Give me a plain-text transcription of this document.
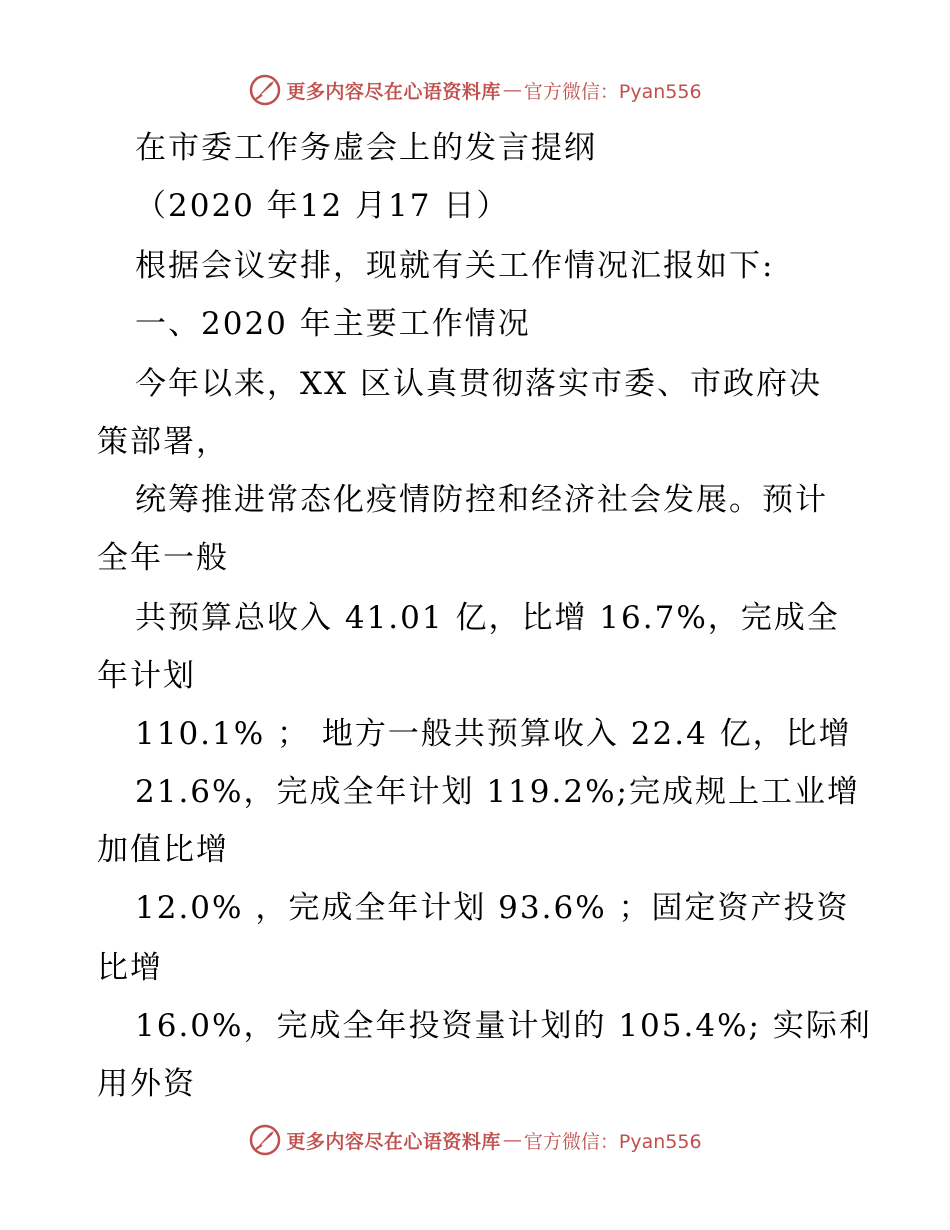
更多内容尽在心语资料库 — 官方微信：Pyan556
在市委工作务虚会上的发言提纲
（2020 年12 月17 日）
根据会议安排，现就有关工作情况汇报如下:
一、2020 年主要工作情况
今年以来，XX 区认真贯彻落实市委、市政府决
策部署，
统筹推进常态化疫情防控和经济社会发展。预计
全年一般
共预算总收入 41.01 亿，比增 16.7%，完成全
年计划
110.1% ； 地方一般共预算收入 22.4 亿，比增
21.6%，完成全年计划 119.2%;完成规上工业增
加值比增
12.0% ，完成全年计划 93.6% ；固定资产投资
比增
16.0%，完成全年投资量计划的 105.4%; 实际利
用外资
更多内容尽在心语资料库 — 官方微信：Pyan556
